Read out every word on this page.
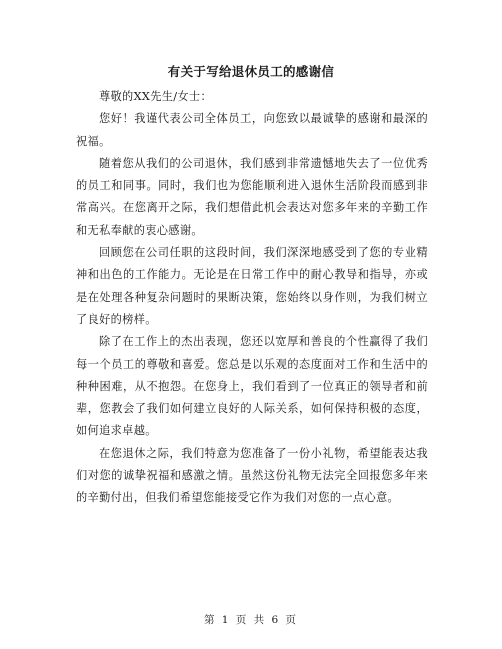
有关于写给退休员工的感谢信

尊敬的XX先生/女士：

您好！我谨代表公司全体员工，向您致以最诚挚的感谢和最深的祝福。

随着您从我们的公司退休，我们感到非常遗憾地失去了一位优秀的员工和同事。同时，我们也为您能顺利进入退休生活阶段而感到非常高兴。在您离开之际，我们想借此机会表达对您多年来的辛勤工作和无私奉献的衷心感谢。

回顾您在公司任职的这段时间，我们深深地感受到了您的专业精神和出色的工作能力。无论是在日常工作中的耐心教导和指导，亦或是在处理各种复杂问题时的果断决策，您始终以身作则，为我们树立了良好的榜样。

除了在工作上的杰出表现，您还以宽厚和善良的个性赢得了我们每一个员工的尊敬和喜爱。您总是以乐观的态度面对工作和生活中的种种困难，从不抱怨。在您身上，我们看到了一位真正的领导者和前辈，您教会了我们如何建立良好的人际关系，如何保持积极的态度，如何追求卓越。

在您退休之际，我们特意为您准备了一份小礼物，希望能表达我们对您的诚挚祝福和感激之情。虽然这份礼物无法完全回报您多年来的辛勤付出，但我们希望您能接受它作为我们对您的一点心意。

第 1 页 共 6 页
